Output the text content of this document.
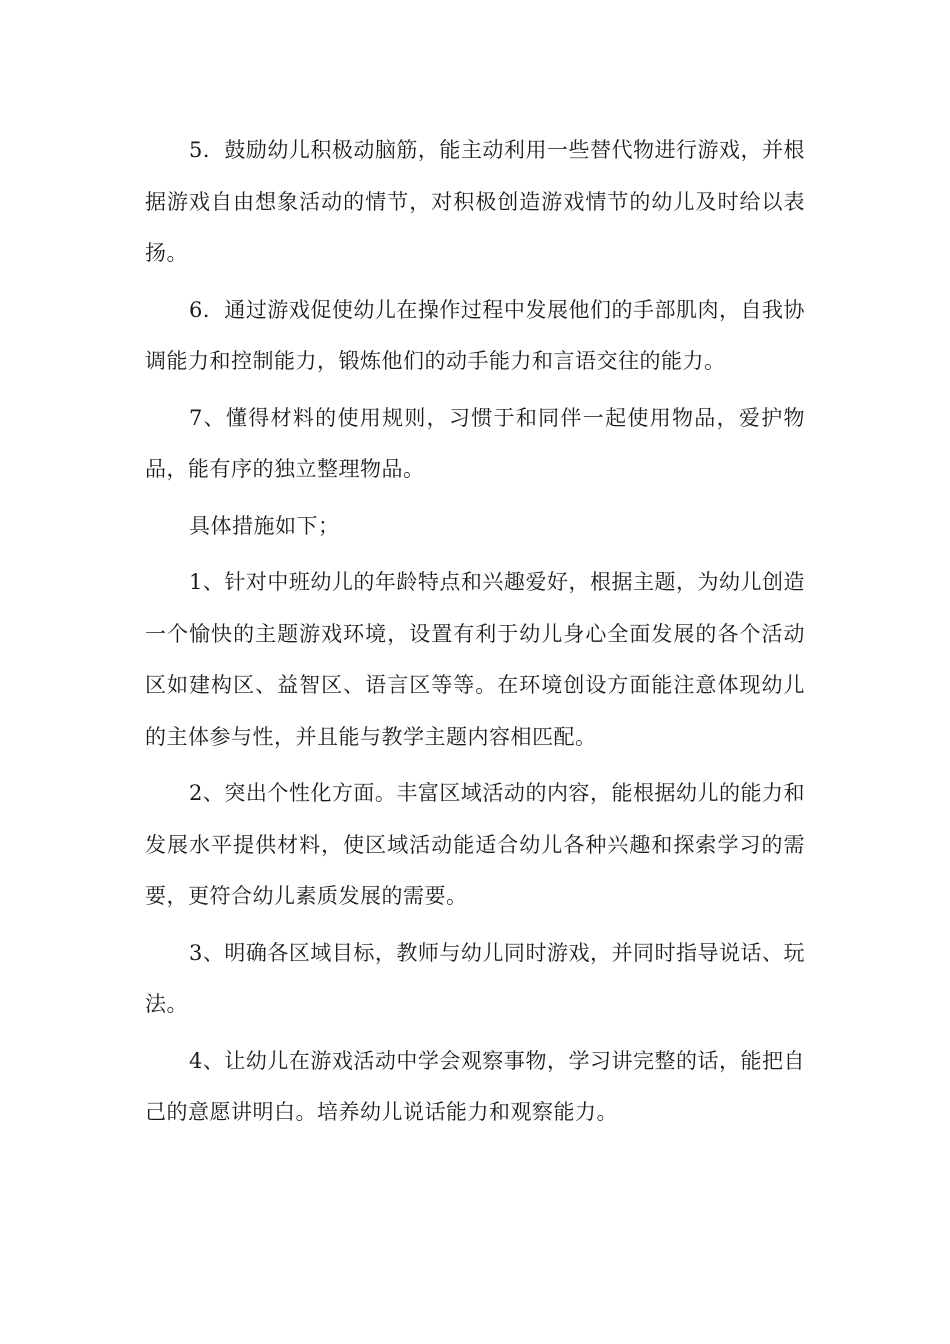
5．鼓励幼儿积极动脑筋，能主动利用一些替代物进行游戏，并根据游戏自由想象活动的情节，对积极创造游戏情节的幼儿及时给以表扬。

6．通过游戏促使幼儿在操作过程中发展他们的手部肌肉，自我协调能力和控制能力，锻炼他们的动手能力和言语交往的能力。

7、懂得材料的使用规则，习惯于和同伴一起使用物品，爱护物品，能有序的独立整理物品。

具体措施如下；

1、针对中班幼儿的年龄特点和兴趣爱好，根据主题，为幼儿创造一个愉快的主题游戏环境，设置有利于幼儿身心全面发展的各个活动区如建构区、益智区、语言区等等。在环境创设方面能注意体现幼儿的主体参与性，并且能与教学主题内容相匹配。

2、突出个性化方面。丰富区域活动的内容，能根据幼儿的能力和发展水平提供材料，使区域活动能适合幼儿各种兴趣和探索学习的需要，更符合幼儿素质发展的需要。

3、明确各区域目标，教师与幼儿同时游戏，并同时指导说话、玩法。

4、让幼儿在游戏活动中学会观察事物，学习讲完整的话，能把自己的意愿讲明白。培养幼儿说话能力和观察能力。
